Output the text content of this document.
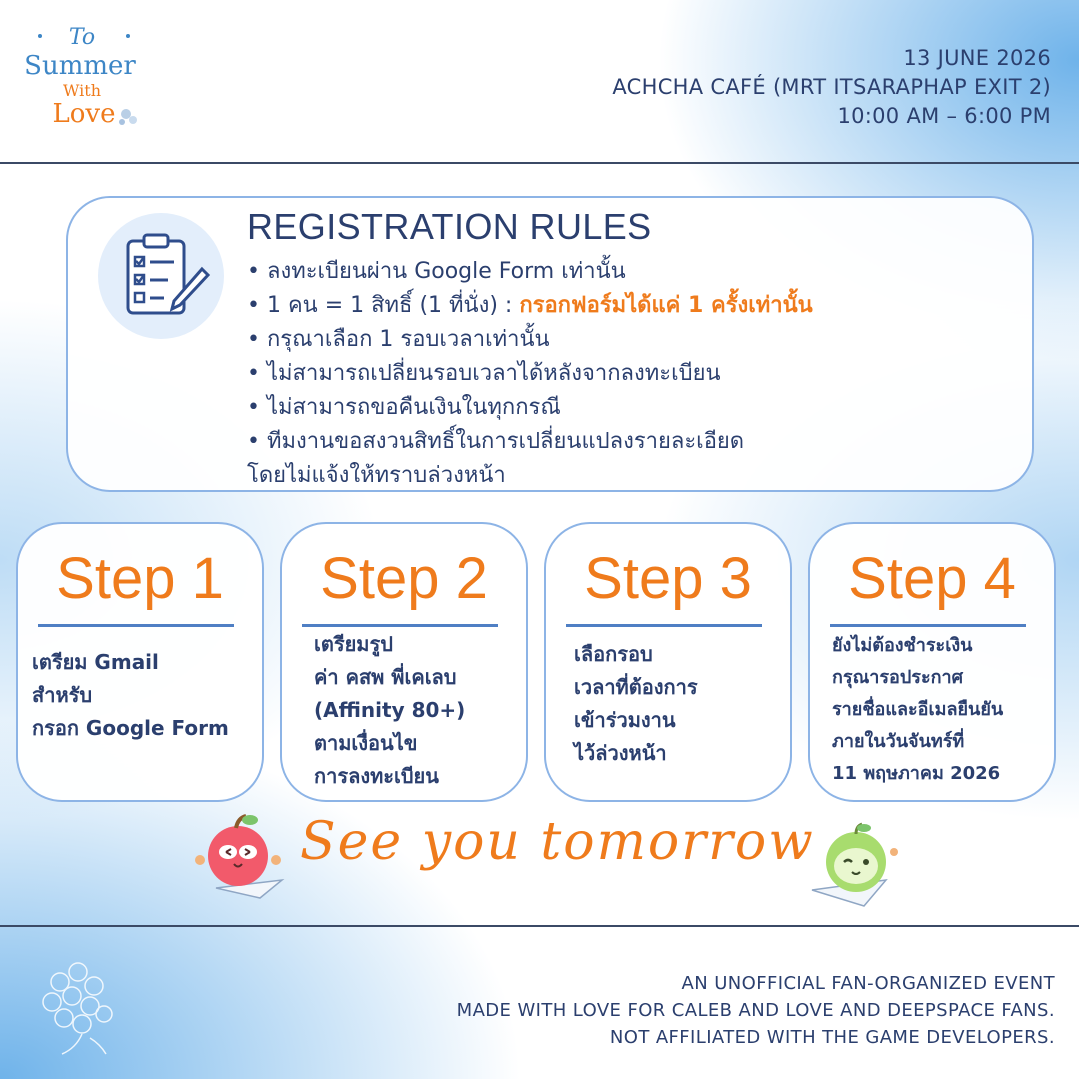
To
Summer
With
Love
13 JUNE 2026
ACHCHA CAFÉ (MRT ITSARAPHAP EXIT 2)
10:00 AM – 6:00 PM
REGISTRATION RULES
• ลงทะเบียนผ่าน Google Form เท่านั้น
• 1 คน = 1 สิทธิ์ (1 ที่นั่ง) : กรอกฟอร์มได้แค่ 1 ครั้งเท่านั้น
• กรุณาเลือก 1 รอบเวลาเท่านั้น
• ไม่สามารถเปลี่ยนรอบเวลาได้หลังจากลงทะเบียน
• ไม่สามารถขอคืนเงินในทุกกรณี
• ทีมงานขอสงวนสิทธิ์ในการเปลี่ยนแปลงรายละเอียด
โดยไม่แจ้งให้ทราบล่วงหน้า
Step 1
เตรียม Gmail
สำหรับ
กรอก Google Form
Step 2
เตรียมรูป
ค่า คสพ พี่เคเลบ
(Affinity 80+)
ตามเงื่อนไข
การลงทะเบียน
Step 3
เลือกรอบ
เวลาที่ต้องการ
เข้าร่วมงาน
ไว้ล่วงหน้า
Step 4
ยังไม่ต้องชำระเงิน
กรุณารอประกาศ
รายชื่อและอีเมลยืนยัน
ภายในวันจันทร์ที่
11 พฤษภาคม 2026
See you tomorrow
AN UNOFFICIAL FAN-ORGANIZED EVENT
MADE WITH LOVE FOR CALEB AND LOVE AND DEEPSPACE FANS.
NOT AFFILIATED WITH THE GAME DEVELOPERS.
